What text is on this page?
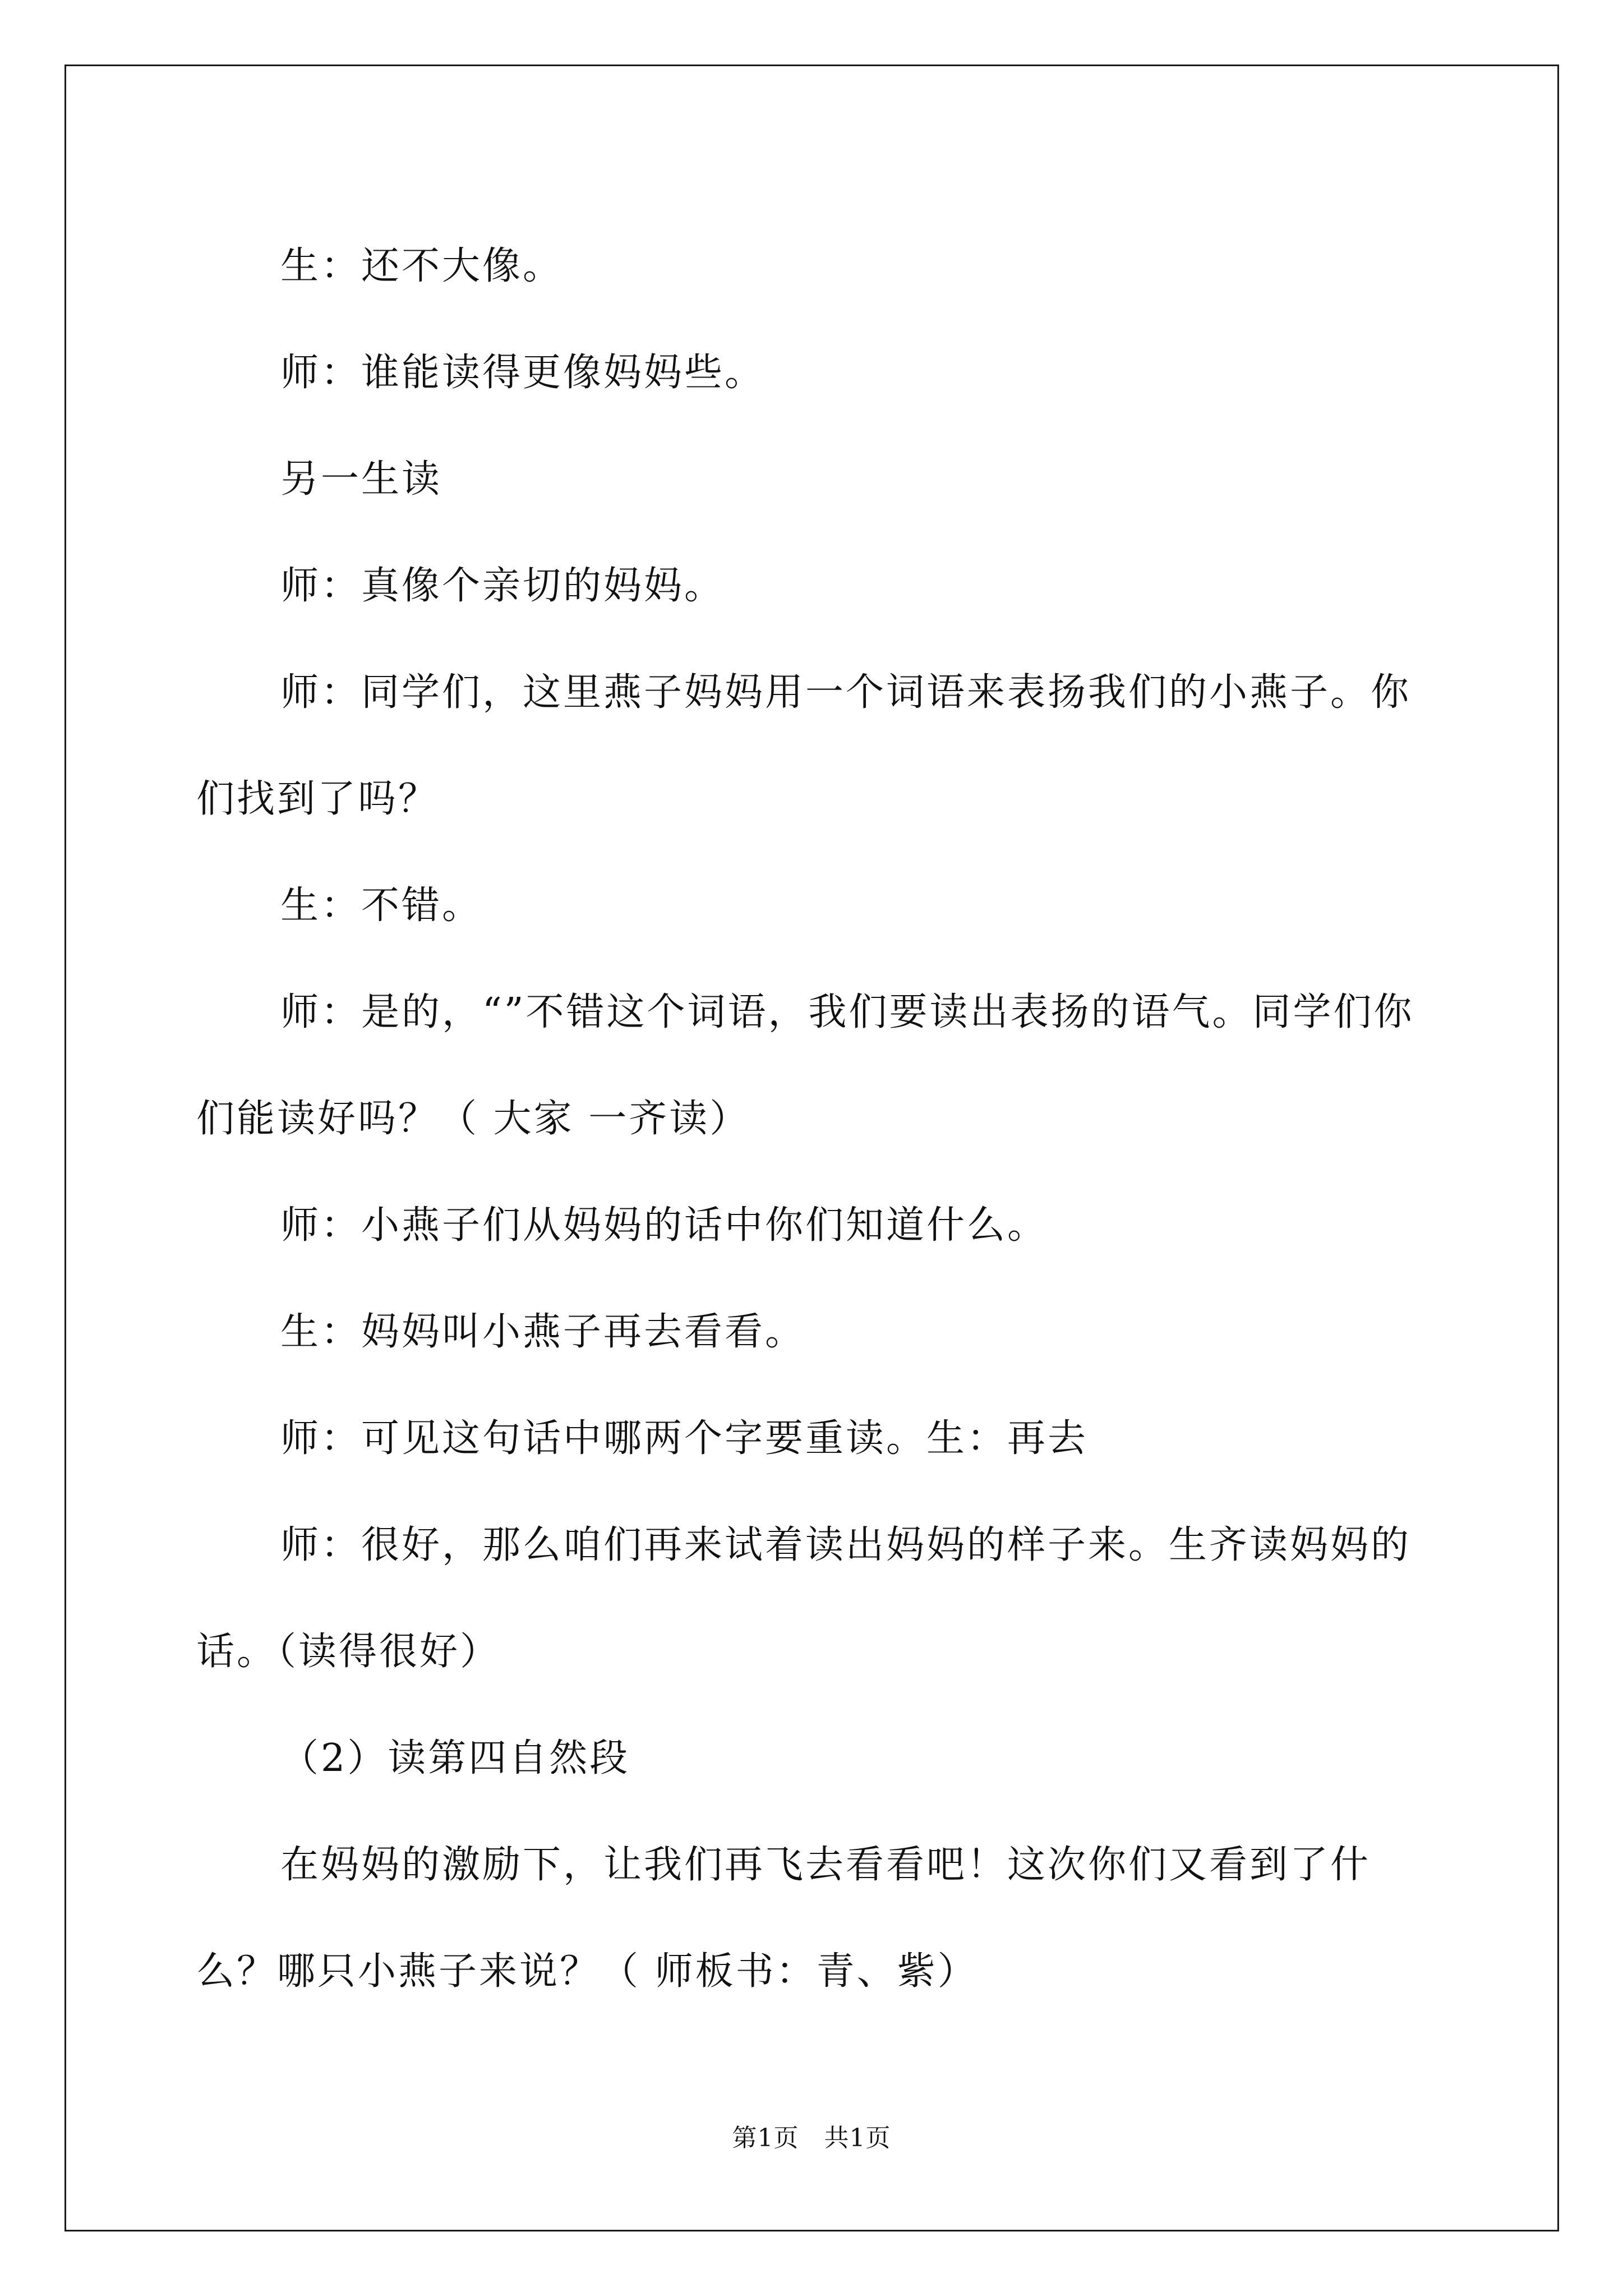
生：还不大像。

师：谁能读得更像妈妈些。

另一生读

师：真像个亲切的妈妈。

师：同学们，这里燕子妈妈用一个词语来表扬我们的小燕子。你们找到了吗？

生：不错。

师：是的，“”不错这个词语，我们要读出表扬的语气。同学们你们能读好吗？（ 大家 一齐读）

师：小燕子们从妈妈的话中你们知道什么。

生：妈妈叫小燕子再去看看。

师：可见这句话中哪两个字要重读。生：再去

师：很好，那么咱们再来试着读出妈妈的样子来。生齐读妈妈的话。（读得很好）

（2）读第四自然段

在妈妈的激励下，让我们再飞去看看吧！这次你们又看到了什么？哪只小燕子来说？（ 师板书：青、紫）

第1页　共1页
